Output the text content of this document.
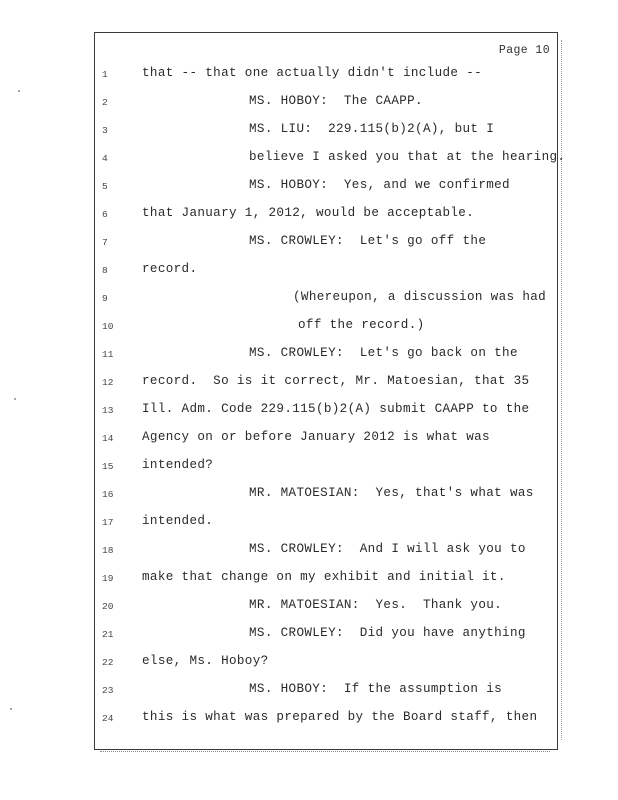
Page 10
1	that -- that one actually didn't include --
2	MS. HOBOY:  The CAAPP.
3	MS. LIU:  229.115(b)2(A), but I
4	believe I asked you that at the hearing.
5	MS. HOBOY:  Yes, and we confirmed
6	that January 1, 2012, would be acceptable.
7	MS. CROWLEY:  Let's go off the
8	record.
9	(Whereupon, a discussion was had
10	off the record.)
11	MS. CROWLEY:  Let's go back on the
12	record.  So is it correct, Mr. Matoesian, that 35
13	Ill. Adm. Code 229.115(b)2(A) submit CAAPP to the
14	Agency on or before January 2012 is what was
15	intended?
16	MR. MATOESIAN:  Yes, that's what was
17	intended.
18	MS. CROWLEY:  And I will ask you to
19	make that change on my exhibit and initial it.
20	MR. MATOESIAN:  Yes.  Thank you.
21	MS. CROWLEY:  Did you have anything
22	else, Ms. Hoboy?
23	MS. HOBOY:  If the assumption is
24	this is what was prepared by the Board staff, then
